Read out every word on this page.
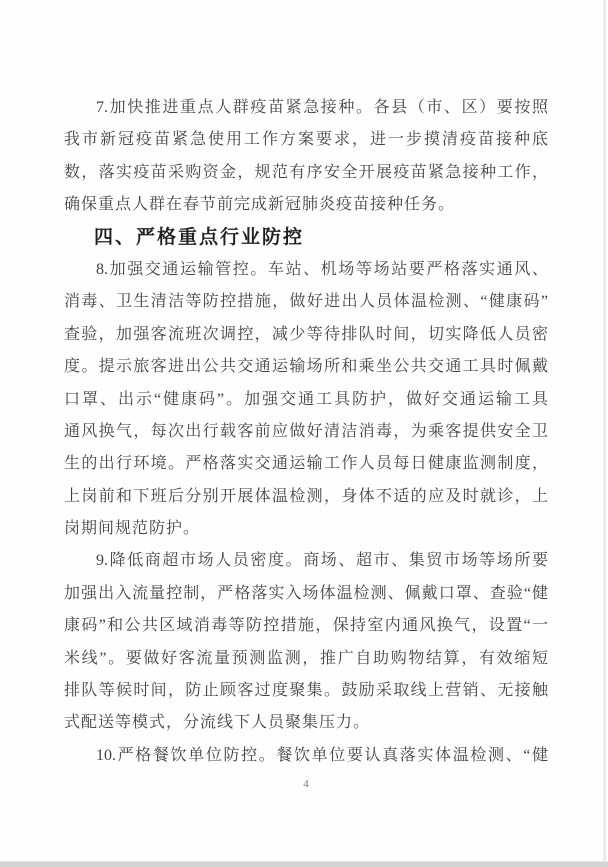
7.加快推进重点人群疫苗紧急接种。各县（市、区）要按照
我市新冠疫苗紧急使用工作方案要求，进一步摸清疫苗接种底
数，落实疫苗采购资金，规范有序安全开展疫苗紧急接种工作，
确保重点人群在春节前完成新冠肺炎疫苗接种任务。
四、严格重点行业防控
8.加强交通运输管控。车站、机场等场站要严格落实通风、
消毒、卫生清洁等防控措施，做好进出人员体温检测、“健康码”
查验，加强客流班次调控，减少等待排队时间，切实降低人员密
度。提示旅客进出公共交通运输场所和乘坐公共交通工具时佩戴
口罩、出示“健康码”。加强交通工具防护，做好交通运输工具
通风换气，每次出行载客前应做好清洁消毒，为乘客提供安全卫
生的出行环境。严格落实交通运输工作人员每日健康监测制度，
上岗前和下班后分别开展体温检测，身体不适的应及时就诊，上
岗期间规范防护。
9.降低商超市场人员密度。商场、超市、集贸市场等场所要
加强出入流量控制，严格落实入场体温检测、佩戴口罩、查验“健
康码”和公共区域消毒等防控措施，保持室内通风换气，设置“一
米线”。要做好客流量预测监测，推广自助购物结算，有效缩短
排队等候时间，防止顾客过度聚集。鼓励采取线上营销、无接触
式配送等模式，分流线下人员聚集压力。
10.严格餐饮单位防控。餐饮单位要认真落实体温检测、“健
4
